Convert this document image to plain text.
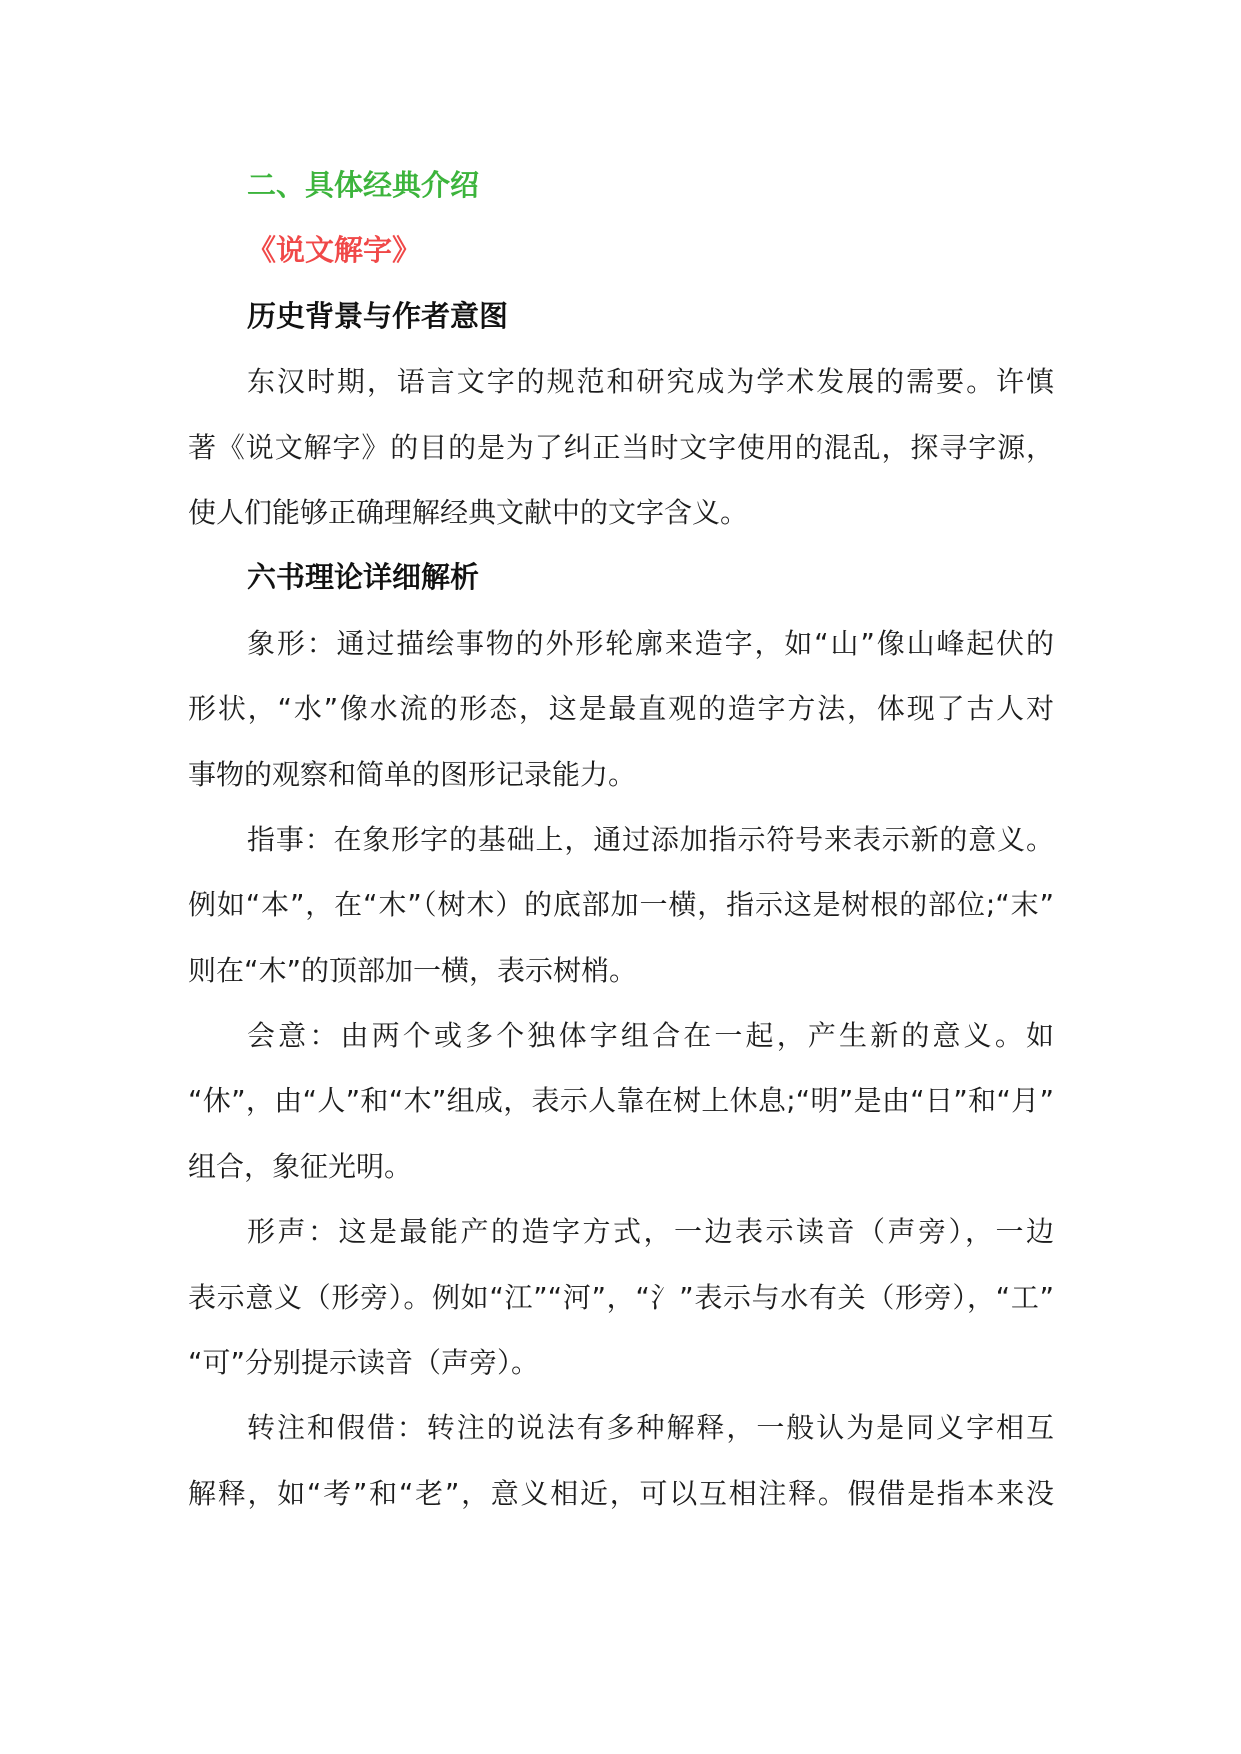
二、具体经典介绍
《说文解字》
历史背景与作者意图

东汉时期，语言文字的规范和研究成为学术发展的需要。许慎
著《说文解字》的目的是为了纠正当时文字使用的混乱，探寻字源，
使人们能够正确理解经典文献中的文字含义。

六书理论详细解析

象形：通过描绘事物的外形轮廓来造字，如“山”像山峰起伏的
形状，“水”像水流的形态，这是最直观的造字方法，体现了古人对
事物的观察和简单的图形记录能力。

指事：在象形字的基础上，通过添加指示符号来表示新的意义。
例如“本”，在“木”（树木）的底部加一横，指示这是树根的部位;“末”
则在“木”的顶部加一横，表示树梢。

会意：由两个或多个独体字组合在一起，产生新的意义。如
“休”，由“人”和“木”组成，表示人靠在树上休息;“明”是由“日”和“月”
组合，象征光明。

形声：这是最能产的造字方式，一边表示读音（声旁），一边
表示意义（形旁）。例如“江”“河”，“氵”表示与水有关（形旁），“工”
“可”分别提示读音（声旁）。

转注和假借：转注的说法有多种解释，一般认为是同义字相互
解释，如“考”和“老”，意义相近，可以互相注释。假借是指本来没
